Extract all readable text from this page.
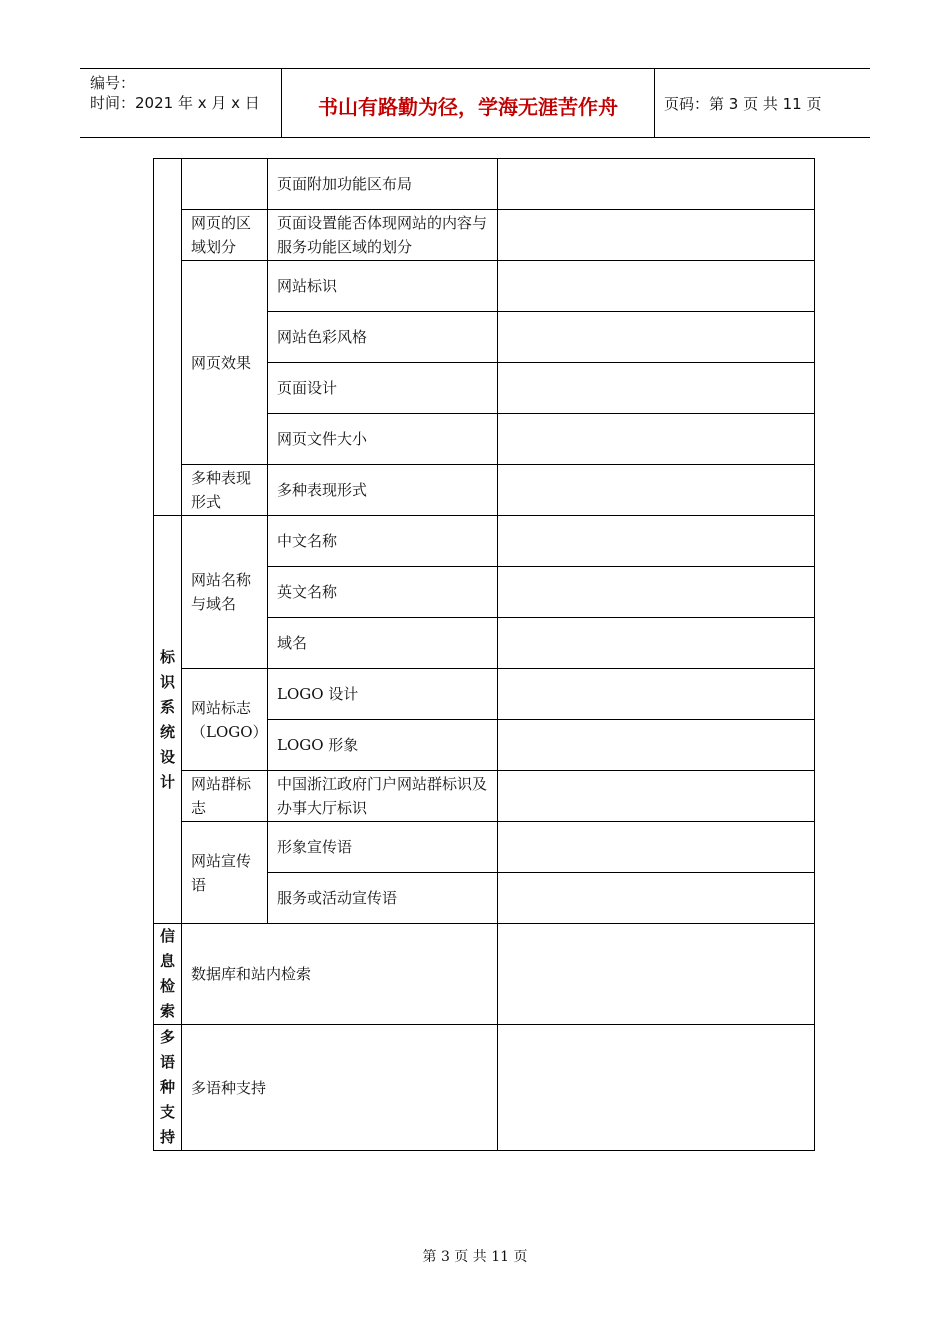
编号：
时间：2021 年 x 月 x 日	书山有路勤为径，学海无涯苦作舟	页码：第 3 页 共 11 页
		页面附加功能区布局	
	网页的区域划分	页面设置能否体现网站的内容与服务功能区域的划分	
	网页效果	网站标识	
		网站色彩风格	
		页面设计	
		网页文件大小	
	多种表现形式	多种表现形式	
标识系统设计	网站名称与域名	中文名称	
		英文名称	
		域名	
	网站标志（LOGO）	LOGO 设计	
		LOGO 形象	
	网站群标志	中国浙江政府门户网站群标识及办事大厅标识	
	网站宣传语	形象宣传语	
		服务或活动宣传语	
信息检索	数据库和站内检索		
多语种支持	多语种支持		
第 3 页 共 11 页
